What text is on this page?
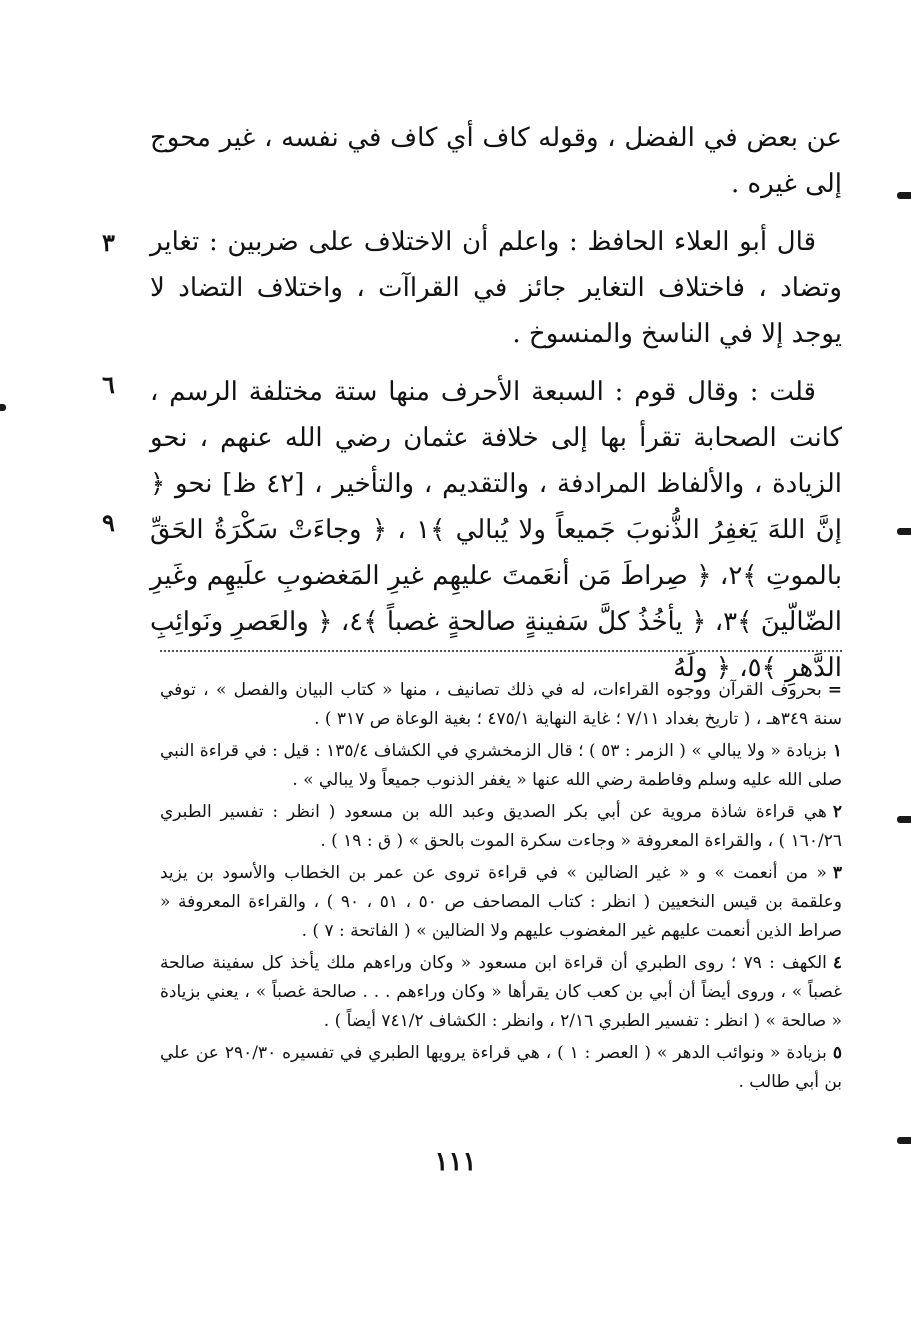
عن بعض في الفضل ، وقوله كاف أي كاف في نفسه ، غير محوج إلى غيره .

قال أبو العلاء الحافظ : واعلم أن الاختلاف على ضربين : تغاير وتضاد ، فاختلاف التغاير جائز في القراآت ، واختلاف التضاد لا يوجد إلا في الناسخ والمنسوخ .

قلت : وقال قوم : السبعة الأحرف منها ستة مختلفة الرسم ، كانت الصحابة تقرأ بها إلى خلافة عثمان رضي الله عنهم ، نحو الزيادة ، والألفاظ المرادفة ، والتقديم ، والتأخير ، [٤٢ ظ] نحو ﴿ إنَّ اللهَ يَغفِرُ الذُّنوبَ جَميعاً ولا يُبالي ﴾١ ، ﴿ وجاءَتْ سَكْرَةُ الحَقِّ بالموتِ ﴾٢، ﴿ صِراطَ مَن أنعَمتَ عليهِم غيرِ المَغضوبِ علَيهِم وغَيرِ الضّالّينَ ﴾٣، ﴿ يأخُذُ كلَّ سَفينةٍ صالحةٍ غصباً ﴾٤، ﴿ والعَصرِ ونَوائِبِ الدَّهرِ ﴾٥، ﴿ ولَهُ

٣
٦
٩

=بحروف القرآن ووجوه القراءات، له في ذلك تصانيف ، منها « كتاب البيان والفصل » ، توفي سنة ٣٤٩هـ ، ( تاريخ بغداد ٧/١١ ؛ غاية النهاية ٤٧٥/١ ؛ بغية الوعاة ص ٣١٧ ) .

١بزيادة « ولا يبالي » ( الزمر : ٥٣ ) ؛ قال الزمخشري في الكشاف ١٣٥/٤ : قيل : في قراءة النبي صلى الله عليه وسلم وفاطمة رضي الله عنها « يغفر الذنوب جميعاً ولا يبالي » .

٢هي قراءة شاذة مروية عن أبي بكر الصديق وعبد الله بن مسعود ( انظر : تفسير الطبري ١٦٠/٢٦ ) ، والقراءة المعروفة « وجاءت سكرة الموت بالحق » ( ق : ١٩ ) .

٣« من أنعمت » و « غير الضالين » في قراءة تروى عن عمر بن الخطاب والأسود بن يزيد وعلقمة بن قيس النخعيين ( انظر : كتاب المصاحف ص ٥٠ ، ٥١ ، ٩٠ ) ، والقراءة المعروفة « صراط الذين أنعمت عليهم غير المغضوب عليهم ولا الضالين » ( الفاتحة : ٧ ) .

٤الكهف : ٧٩ ؛ روى الطبري أن قراءة ابن مسعود « وكان وراءهم ملك يأخذ كل سفينة صالحة غصباً » ، وروى أيضاً أن أبي بن كعب كان يقرأها « وكان وراءهم . . . صالحة غصباً » ، يعني بزيادة « صالحة » ( انظر : تفسير الطبري ٢/١٦ ، وانظر : الكشاف ٧٤١/٢ أيضاً ) .

٥بزيادة « ونوائب الدهر » ( العصر : ١ ) ، هي قراءة يرويها الطبري في تفسيره ٢٩٠/٣٠ عن علي بن أبي طالب .

١١١
